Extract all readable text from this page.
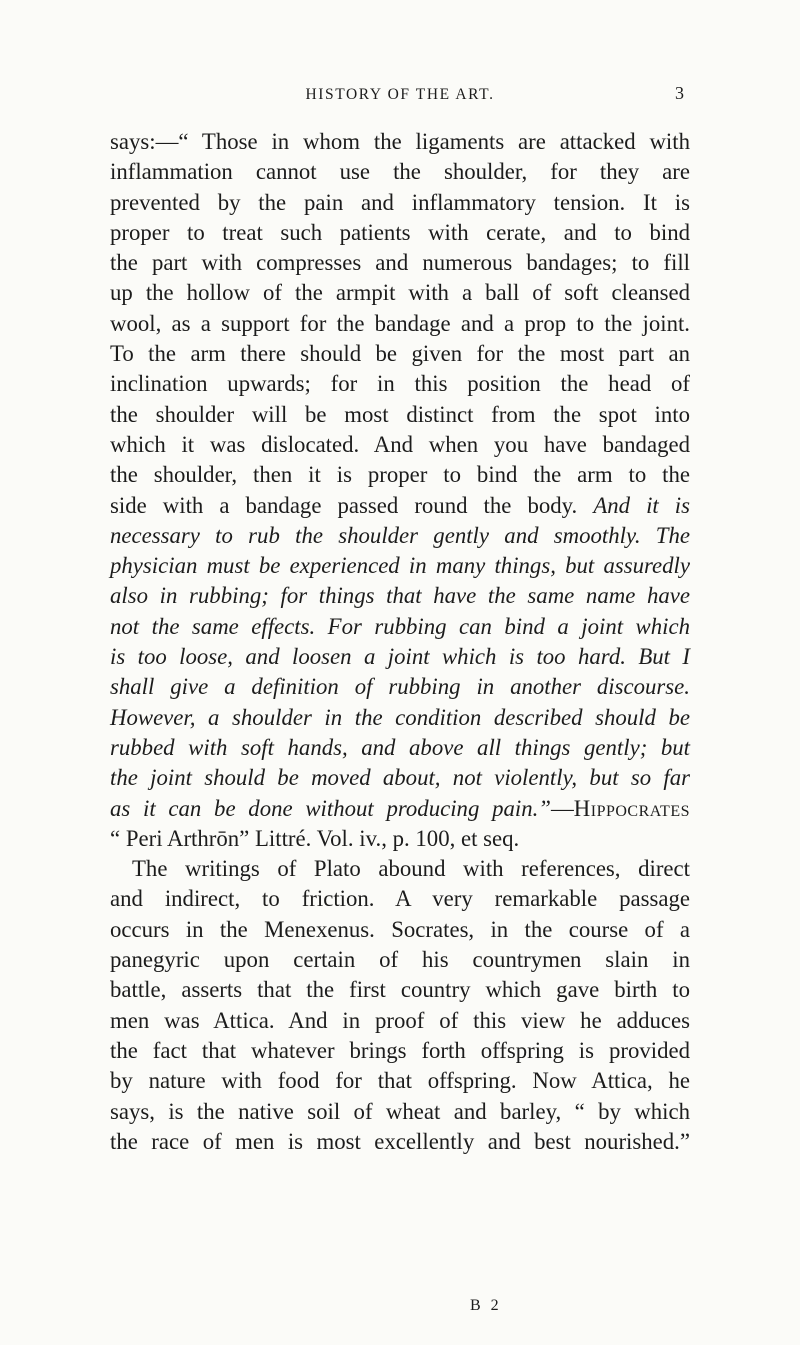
HISTORY OF THE ART.	3
says:—“ Those in whom the ligaments are attacked with
inflammation cannot use the shoulder, for they are
prevented by the pain and inflammatory tension. It is
proper to treat such patients with cerate, and to bind
the part with compresses and numerous bandages; to fill
up the hollow of the armpit with a ball of soft cleansed
wool, as a support for the bandage and a prop to the joint.
To the arm there should be given for the most part an
inclination upwards; for in this position the head of
the shoulder will be most distinct from the spot into
which it was dislocated. And when you have bandaged
the shoulder, then it is proper to bind the arm to the
side with a bandage passed round the body. And it is
necessary to rub the shoulder gently and smoothly. The
physician must be experienced in many things, but assuredly
also in rubbing; for things that have the same name have
not the same effects. For rubbing can bind a joint which
is too loose, and loosen a joint which is too hard. But I
shall give a definition of rubbing in another discourse.
However, a shoulder in the condition described should be
rubbed with soft hands, and above all things gently; but
the joint should be moved about, not violently, but so far
as it can be done without producing pain.”—Hippocrates
“ Peri Arthrōn” Littré. Vol. iv., p. 100, et seq.
The writings of Plato abound with references, direct
and indirect, to friction. A very remarkable passage
occurs in the Menexenus. Socrates, in the course of a
panegyric upon certain of his countrymen slain in
battle, asserts that the first country which gave birth to
men was Attica. And in proof of this view he adduces
the fact that whatever brings forth offspring is provided
by nature with food for that offspring. Now Attica, he
says, is the native soil of wheat and barley, “ by which
the race of men is most excellently and best nourished.”
B 2
